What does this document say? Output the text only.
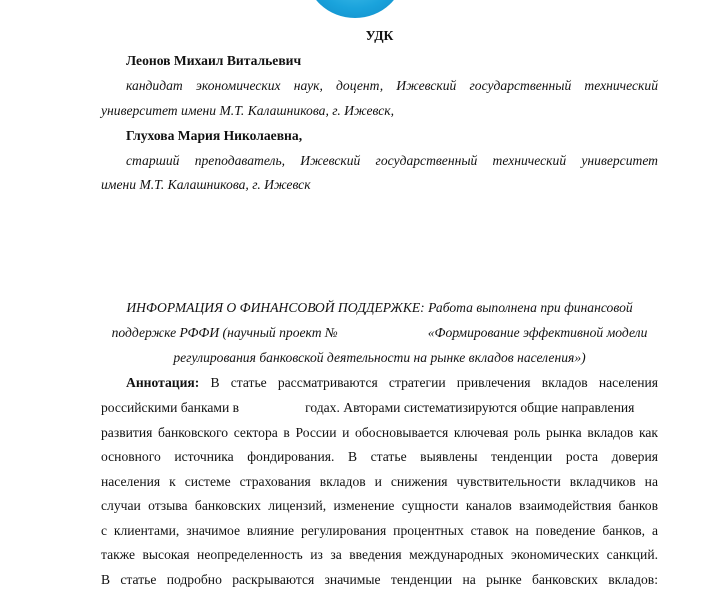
УДК
Леонов Михаил Витальевич
кандидат экономических наук, доцент, Ижевский государственный технический
университет имени М.Т. Калашникова, г. Ижевск,
Глухова Мария Николаевна,
старший преподаватель, Ижевский государственный технический университет
имени М.Т. Калашникова, г. Ижевск
ИНФОРМАЦИЯ О ФИНАНСОВОЙ ПОДДЕРЖКЕ: Работа выполнена при финансовой
поддержке РФФИ (научный проект №	«Формирование эффективной модели
регулирования банковской деятельности на рынке вкладов населения»)
Аннотация: В статье рассматриваются стратегии привлечения вкладов населения
российскими банками в	годах. Авторами систематизируются общие направления
развития банковского сектора в России и обосновывается ключевая роль рынка вкладов как
основного источника фондирования. В статье выявлены тенденции роста доверия
населения к системе страхования вкладов и снижения чувствительности вкладчиков на
случаи отзыва банковских лицензий, изменение сущности каналов взаимодействия банков
с клиентами, значимое влияние регулирования процентных ставок на поведение банков, а
также высокая неопределенность из за введения международных экономических санкций.
В статье подробно раскрываются значимые тенденции на рынке банковских вкладов:
